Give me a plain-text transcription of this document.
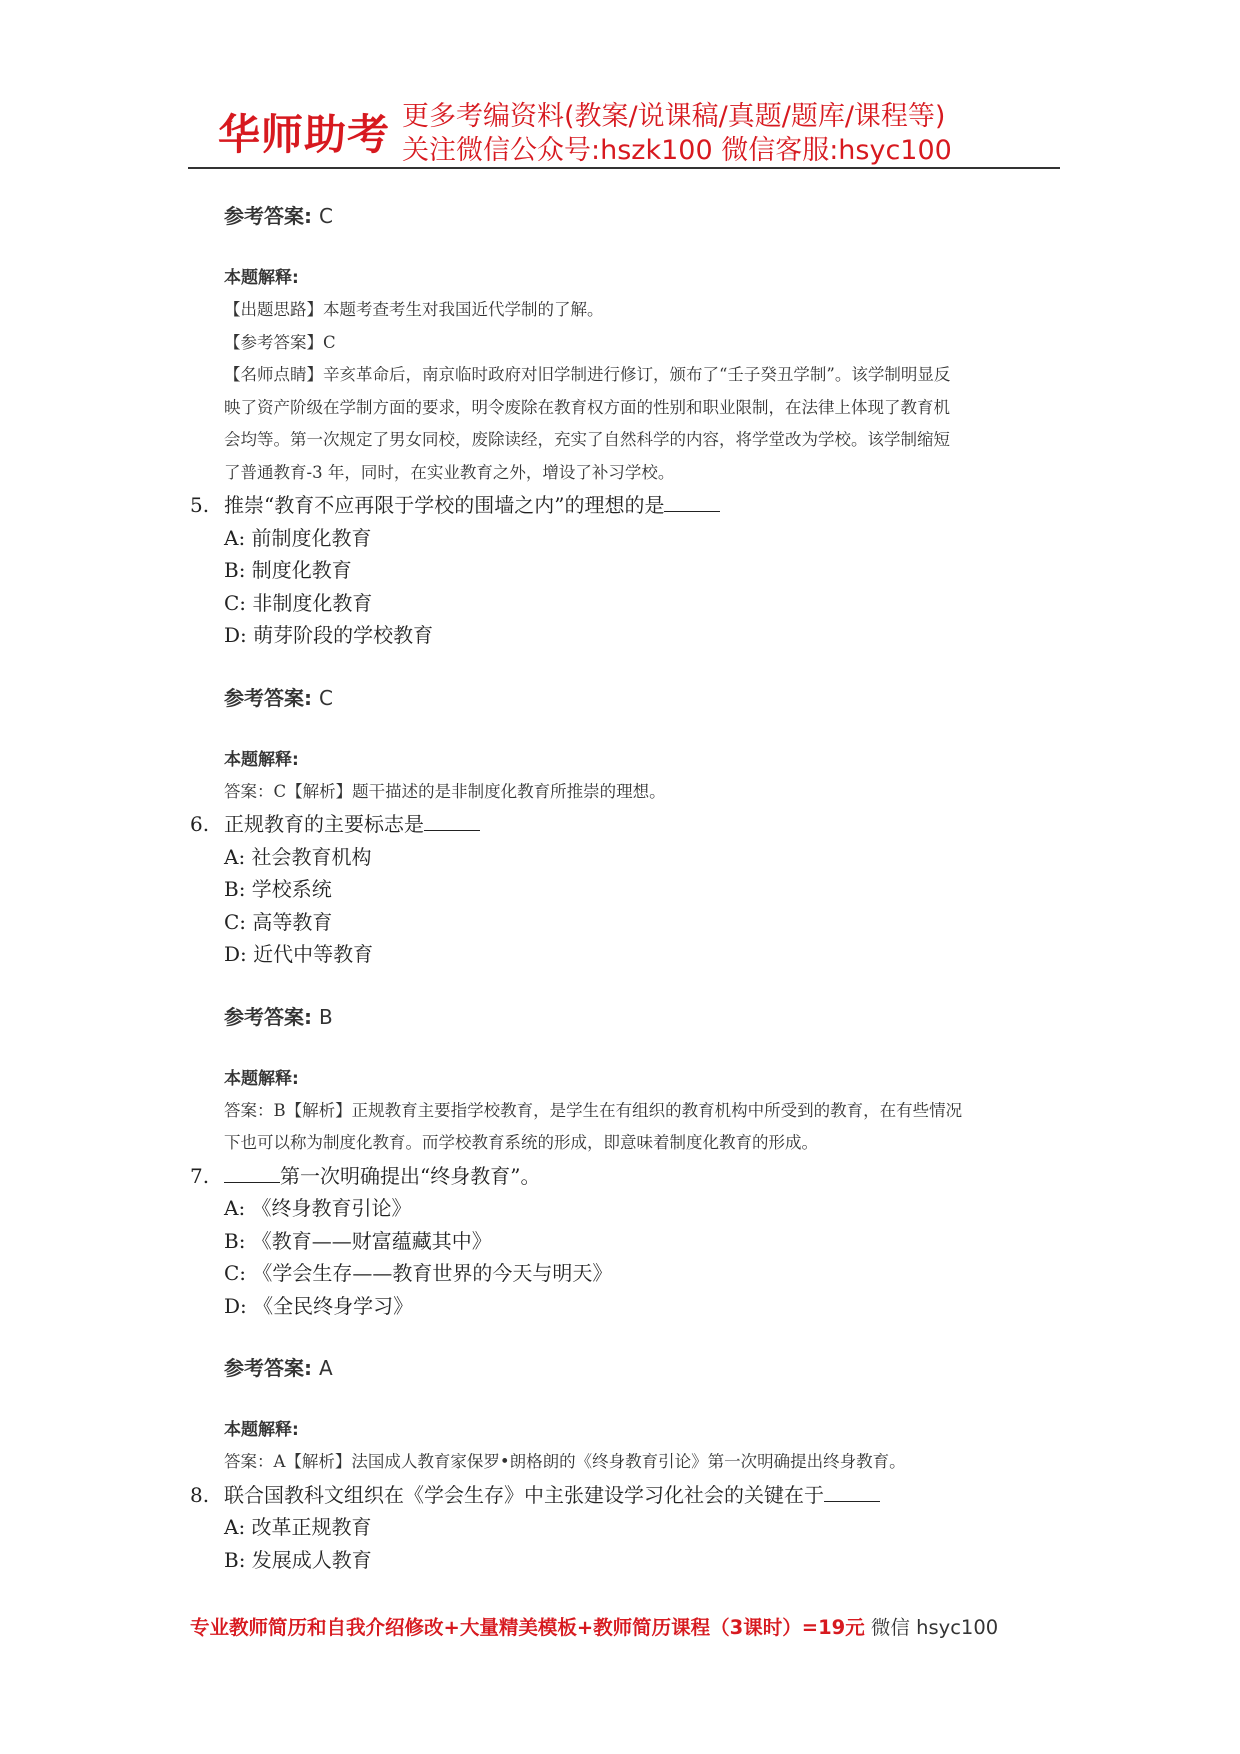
华师助考 更多考编资料(教案/说课稿/真题/题库/课程等)
关注微信公众号:hszk100 微信客服:hsyc100
参考答案: C
本题解释:
【出题思路】本题考查考生对我国近代学制的了解。
【参考答案】C
【名师点睛】辛亥革命后，南京临时政府对旧学制进行修订，颁布了“壬子癸丑学制”。该学制明显反
映了资产阶级在学制方面的要求，明令废除在教育权方面的性别和职业限制，在法律上体现了教育机
会均等。第一次规定了男女同校，废除读经，充实了自然科学的内容，将学堂改为学校。该学制缩短
了普通教育-3 年，同时，在实业教育之外，增设了补习学校。
5. 推崇“教育不应再限于学校的围墙之内”的理想的是
A: 前制度化教育
B: 制度化教育
C: 非制度化教育
D: 萌芽阶段的学校教育
参考答案: C
本题解释:
答案：C【解析】题干描述的是非制度化教育所推崇的理想。
6. 正规教育的主要标志是
A: 社会教育机构
B: 学校系统
C: 高等教育
D: 近代中等教育
参考答案: B
本题解释:
答案：B【解析】正规教育主要指学校教育，是学生在有组织的教育机构中所受到的教育，在有些情况
下也可以称为制度化教育。而学校教育系统的形成，即意味着制度化教育的形成。
7.	第一次明确提出“终身教育”。
A: 《终身教育引论》
B: 《教育——财富蕴藏其中》
C: 《学会生存——教育世界的今天与明天》
D: 《全民终身学习》
参考答案: A
本题解释:
答案：A【解析】法国成人教育家保罗•朗格朗的《终身教育引论》第一次明确提出终身教育。
8. 联合国教科文组织在《学会生存》中主张建设学习化社会的关键在于
A: 改革正规教育
B: 发展成人教育
专业教师简历和自我介绍修改+大量精美模板+教师简历课程（3课时）=19元 微信 hsyc100
